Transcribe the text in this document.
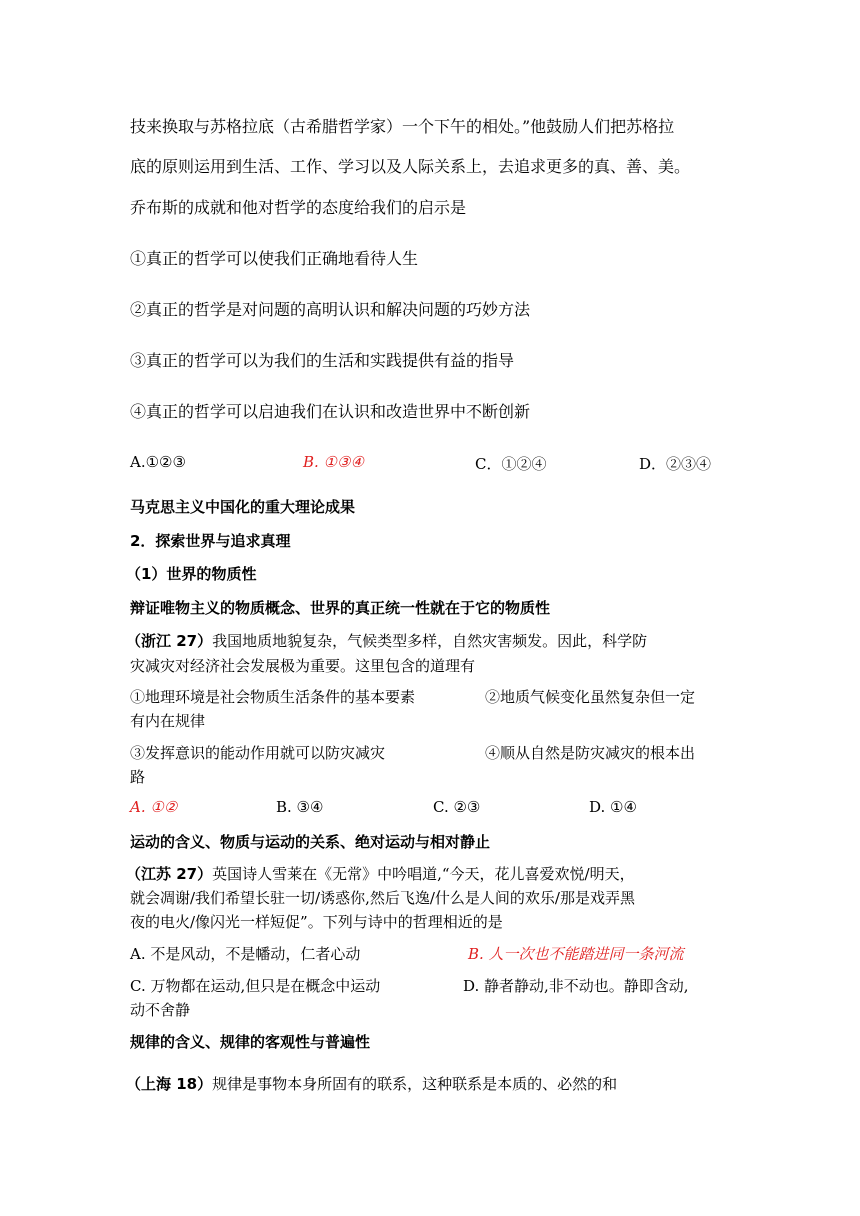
技来换取与苏格拉底（古希腊哲学家）一个下午的相处。”他鼓励人们把苏格拉
底的原则运用到生活、工作、学习以及人际关系上，去追求更多的真、善、美。
乔布斯的成就和他对哲学的态度给我们的启示是
①真正的哲学可以使我们正确地看待人生
②真正的哲学是对问题的高明认识和解决问题的巧妙方法
③真正的哲学可以为我们的生活和实践提供有益的指导
④真正的哲学可以启迪我们在认识和改造世界中不断创新
A.①②③	B. ①③④	C．①②④	D．②③④
马克思主义中国化的重大理论成果
2．探索世界与追求真理
（1）世界的物质性
辩证唯物主义的物质概念、世界的真正统一性就在于它的物质性
（浙江 27）我国地质地貌复杂，气候类型多样，自然灾害频发。因此，科学防
灾减灾对经济社会发展极为重要。这里包含的道理有
①地理环境是社会物质生活条件的基本要素	②地质气候变化虽然复杂但一定
有内在规律
③发挥意识的能动作用就可以防灾减灾	④顺从自然是防灾减灾的根本出
路
A. ①②	B. ③④	C. ②③	D. ①④
运动的含义、物质与运动的关系、绝对运动与相对静止
（江苏 27）英国诗人雪莱在《无常》中吟唱道,“今天，花儿喜爱欢悦/明天，
就会凋谢/我们希望长驻一切/诱惑你,然后飞逸/什么是人间的欢乐/那是戏弄黑
夜的电火/像闪光一样短促”。下列与诗中的哲理相近的是
A. 不是风动，不是幡动，仁者心动	B. 人一次也不能踏进同一条河流
C. 万物都在运动,但只是在概念中运动	D. 静者静动,非不动也。静即含动,
动不舍静
规律的含义、规律的客观性与普遍性
（上海 18）规律是事物本身所固有的联系，这种联系是本质的、必然的和
